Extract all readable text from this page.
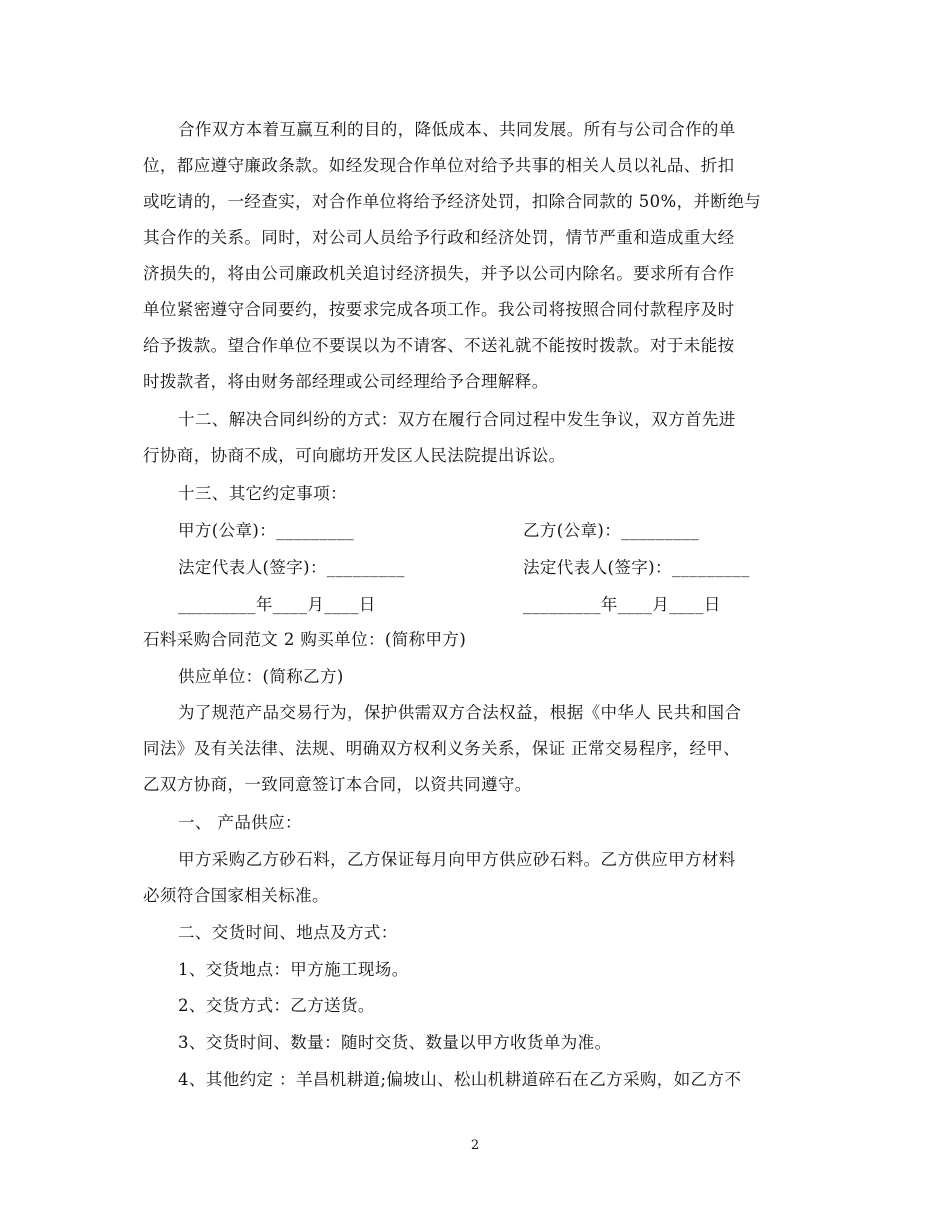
合作双方本着互赢互利的目的，降低成本、共同发展。所有与公司合作的单
位，都应遵守廉政条款。如经发现合作单位对给予共事的相关人员以礼品、折扣
或吃请的，一经查实，对合作单位将给予经济处罚，扣除合同款的 50%，并断绝与
其合作的关系。同时，对公司人员给予行政和经济处罚，情节严重和造成重大经
济损失的，将由公司廉政机关追讨经济损失，并予以公司内除名。要求所有合作
单位紧密遵守合同要约，按要求完成各项工作。我公司将按照合同付款程序及时
给予拨款。望合作单位不要误以为不请客、不送礼就不能按时拨款。对于未能按
时拨款者，将由财务部经理或公司经理给予合理解释。
十二、解决合同纠纷的方式：双方在履行合同过程中发生争议，双方首先进
行协商，协商不成，可向廊坊开发区人民法院提出诉讼。
十三、其它约定事项：
甲方(公章)：_________	乙方(公章)：_________
法定代表人(签字)：_________	法定代表人(签字)：_________
_________年____月____日	_________年____月____日
石料采购合同范文 2 购买单位：(简称甲方)
供应单位：(简称乙方)
为了规范产品交易行为，保护供需双方合法权益，根据《中华人 民共和国合
同法》及有关法律、法规、明确双方权利义务关系，保证 正常交易程序，经甲、
乙双方协商，一致同意签订本合同，以资共同遵守。
一、 产品供应：
甲方采购乙方砂石料，乙方保证每月向甲方供应砂石料。乙方供应甲方材料
必须符合国家相关标准。
二、交货时间、地点及方式：
1、交货地点：甲方施工现场。
2、交货方式：乙方送货。
3、交货时间、数量：随时交货、数量以甲方收货单为准。
4、其他约定 ：羊昌机耕道;偏坡山、松山机耕道碎石在乙方采购，如乙方不
2
